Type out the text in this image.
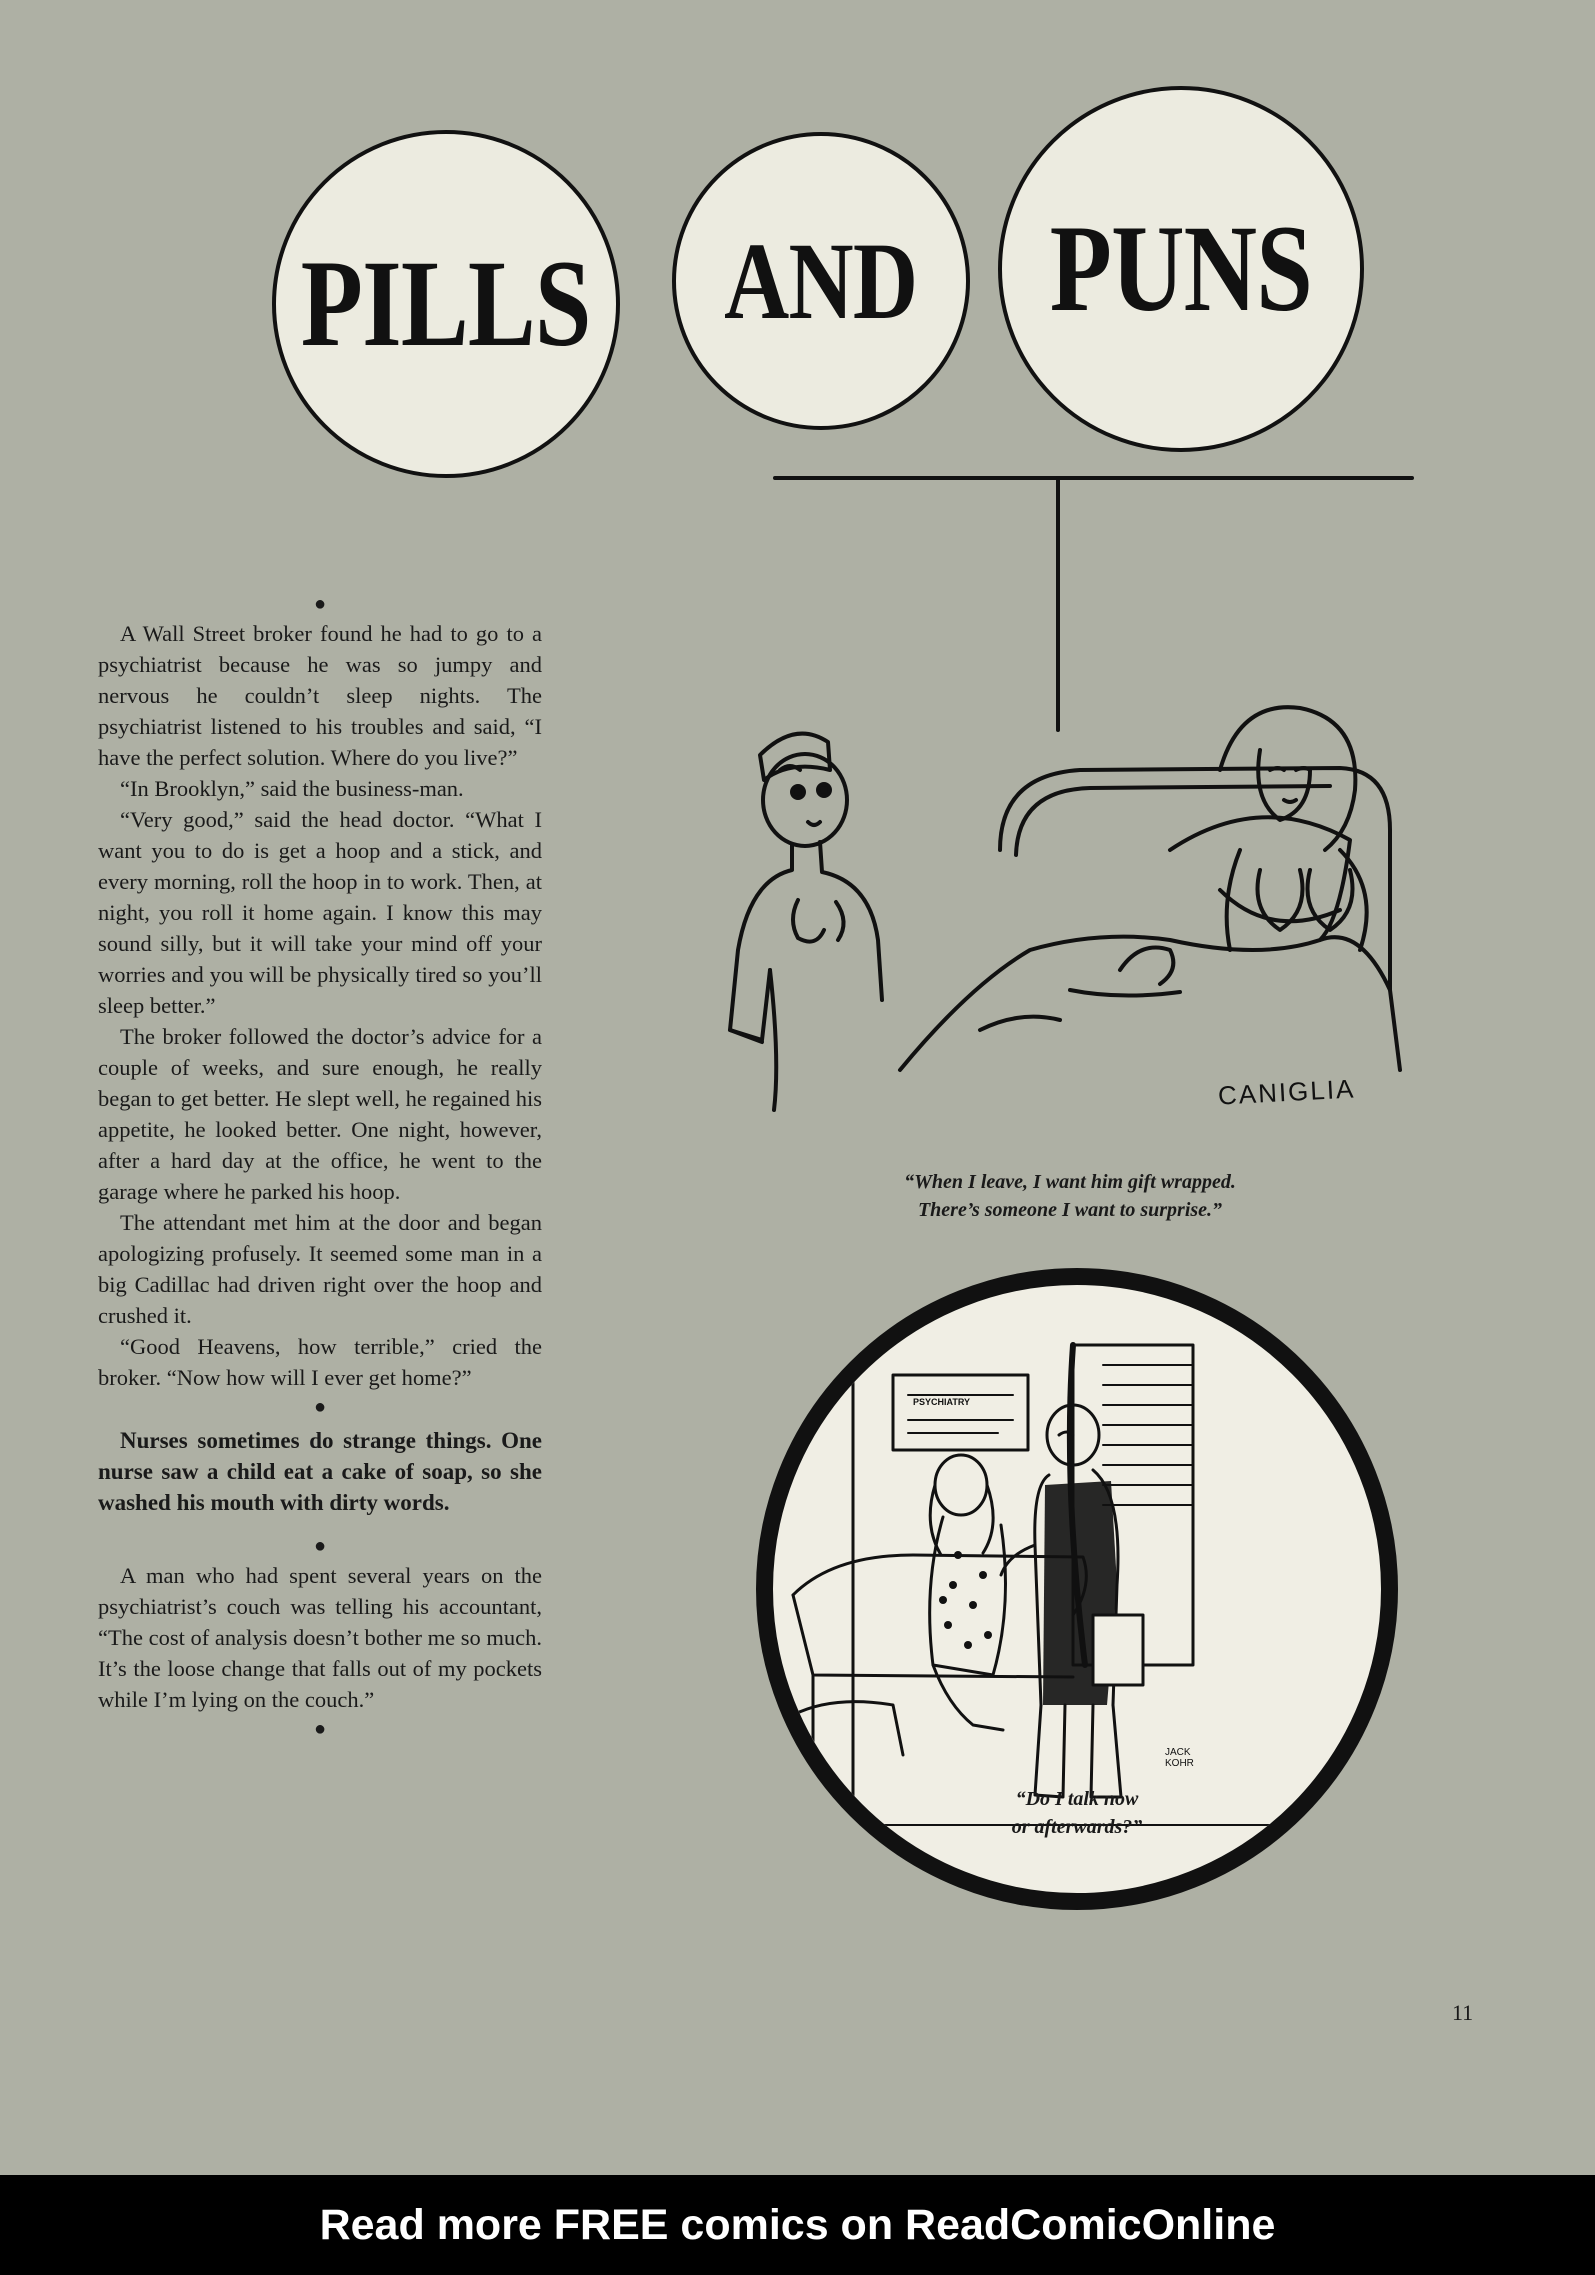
PILLS AND PUNS
●

A Wall Street broker found he had to go to a psychiatrist because he was so jumpy and nervous he couldn’t sleep nights. The psychiatrist listened to his troubles and said, “I have the perfect solution. Where do you live?”

“In Brooklyn,” said the business-man.

“Very good,” said the head doctor. “What I want you to do is get a hoop and a stick, and every morning, roll the hoop in to work. Then, at night, you roll it home again. I know this may sound silly, but it will take your mind off your worries and you will be physically tired so you’ll sleep better.”

The broker followed the doctor’s advice for a couple of weeks, and sure enough, he really began to get better. He slept well, he regained his appetite, he looked better. One night, however, after a hard day at the office, he went to the garage where he parked his hoop.

The attendant met him at the door and began apologizing profusely. It seemed some man in a big Cadillac had driven right over the hoop and crushed it.

“Good Heavens, how terrible,” cried the broker. “Now how will I ever get home?”

●

Nurses sometimes do strange things. One nurse saw a child eat a cake of soap, so she washed his mouth with dirty words.

●

A man who had spent several years on the psychiatrist’s couch was telling his accountant, “The cost of analysis doesn’t bother me so much. It’s the loose change that falls out of my pockets while I’m lying on the couch.”

●
CANIGLIA
“When I leave, I want him gift wrapped.
There’s someone I want to surprise.”
PSYCHIATRY
JACK KOHR
“Do I talk now
or afterwards?”
11
Read more FREE comics on ReadComicOnline
